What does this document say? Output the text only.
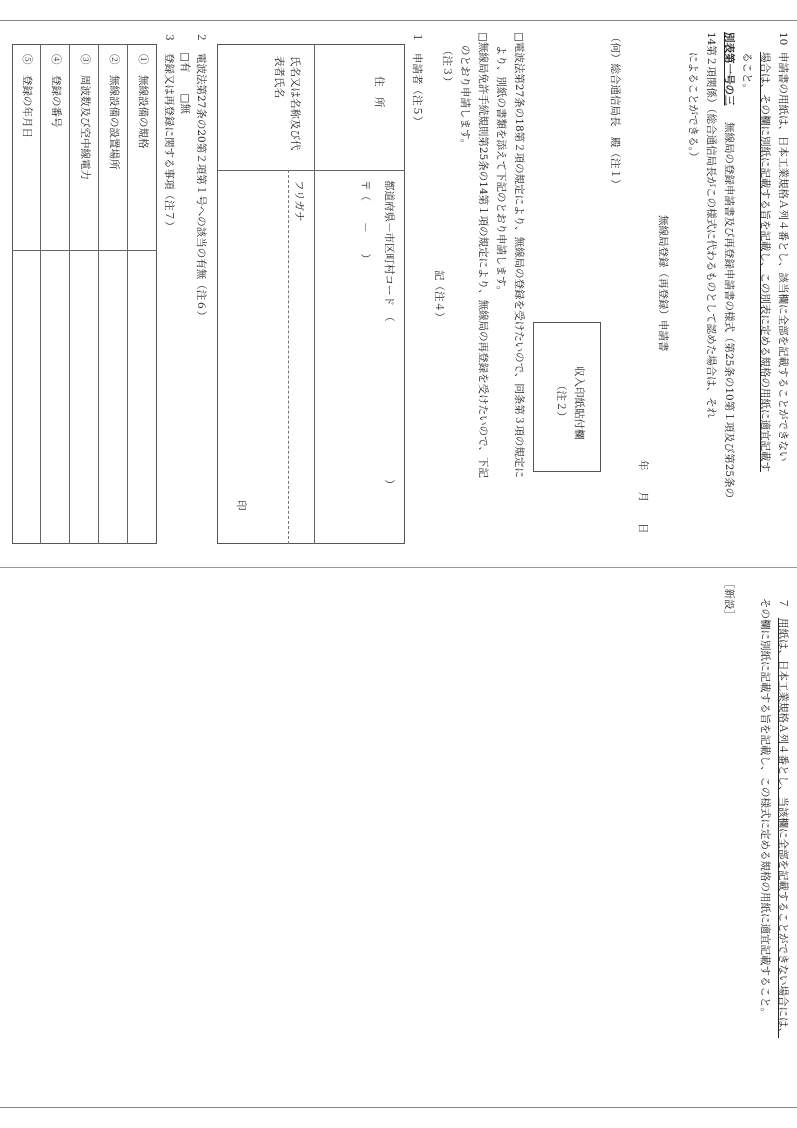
10
申請書の用紙は、日本工業規格Ａ列４番とし、該当欄に全部を記載することができない
場合は、その欄に別紙に記載する旨を記載し、この別表に定める規格の用紙に適宜記載す
ること。
別表第一号の三
無線局の登録申請書及び再登録申請書の様式（第25条の10第１項及び第25条の
14第２項関係）（総合通信局長がこの様式に代わるものとして認めた場合は、それ
によることができる。）
無線局登録（再登録）申請書
年　　月　　日
（何）総合通信局長　殿（注１）
収入印紙貼付欄
（注２）
□電波法第27条の18第２項の規定により、無線局の登録を受けたいので、同条第３項の規定に
より、別紙の書類を添えて下記のとおり申請します。
□無線局免許手続規則第25条の14第１項の規定により、無線局の再登録を受けたいので、下記
のとおり申請します。
（注３）
記（注４）
１　申請者（注５）
住　所
都道府県－市区町村コード　（　　　　　　　　　　　　　　　）
〒（　　－　　）
氏名又は名称及び代
表者氏名
フリガナ
印
２　電波法第27条の20第２項第１号への該当の有無（注６）
□有　　□無
３　登録又は再登録に関する事項（注７）
①　無線設備の規格
②　無線設備の設置場所
③　周波数及び空中線電力
④　登録の番号
⑤　登録の年月日
７
用紙は、日本工業規格Ａ列４番とし、当該欄に全部を記載することができない場合には、
その欄に別紙に記載する旨を記載し、この様式に定める規格の用紙に適宜記載すること。
［新設］
